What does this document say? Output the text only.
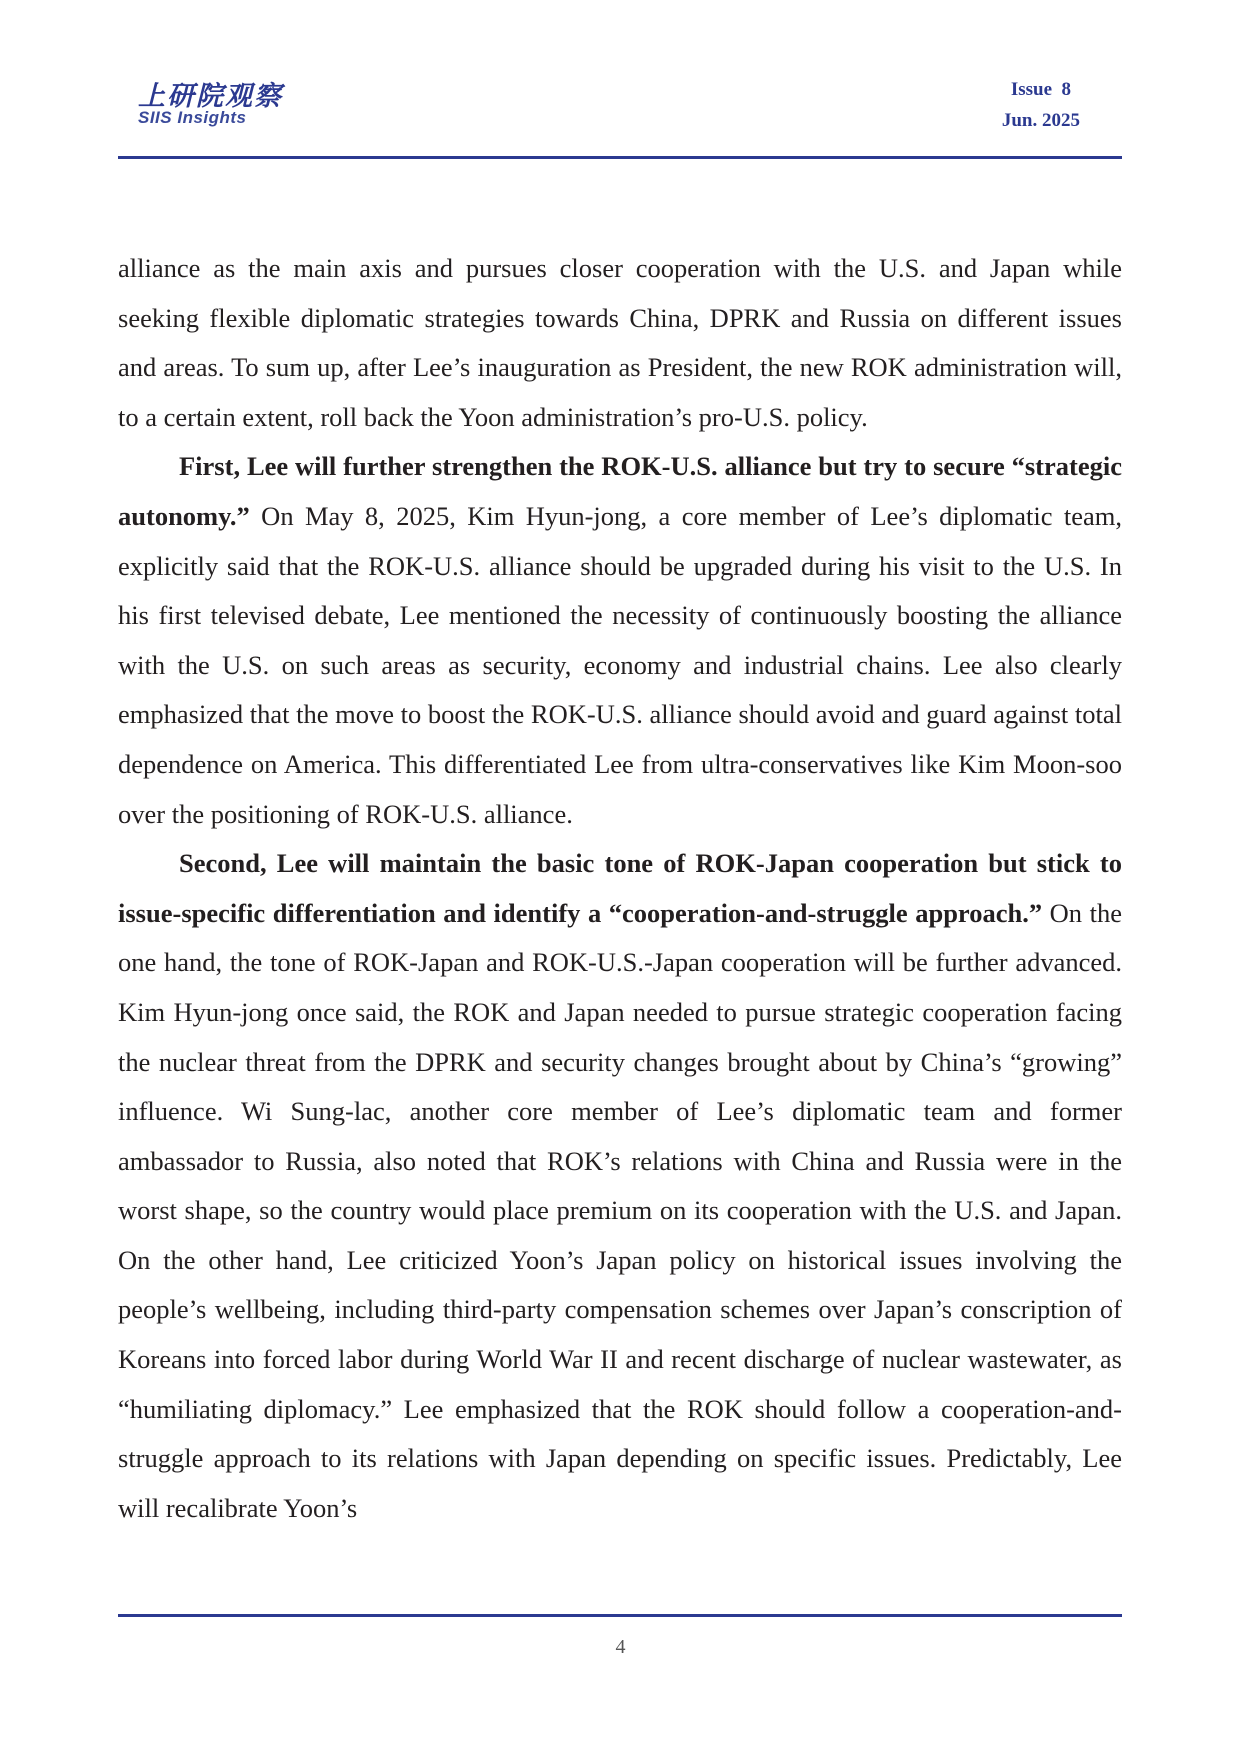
上研院观察
SIIS Insights
Issue  8
Jun. 2025

alliance as the main axis and pursues closer cooperation with the U.S. and Japan while seeking flexible diplomatic strategies towards China, DPRK and Russia on different issues and areas. To sum up, after Lee’s inauguration as President, the new ROK administration will, to a certain extent, roll back the Yoon administration’s pro-U.S. policy.

First, Lee will further strengthen the ROK-U.S. alliance but try to secure “strategic autonomy.” On May 8, 2025, Kim Hyun-jong, a core member of Lee’s diplomatic team, explicitly said that the ROK-U.S. alliance should be upgraded during his visit to the U.S. In his first televised debate, Lee mentioned the necessity of continuously boosting the alliance with the U.S. on such areas as security, economy and industrial chains. Lee also clearly emphasized that the move to boost the ROK-U.S. alliance should avoid and guard against total dependence on America. This differentiated Lee from ultra-conservatives like Kim Moon-soo over the positioning of ROK-U.S. alliance.

Second, Lee will maintain the basic tone of ROK-Japan cooperation but stick to issue-specific differentiation and identify a “cooperation-and-struggle approach.” On the one hand, the tone of ROK-Japan and ROK-U.S.-Japan cooperation will be further advanced. Kim Hyun-jong once said, the ROK and Japan needed to pursue strategic cooperation facing the nuclear threat from the DPRK and security changes brought about by China’s “growing” influence. Wi Sung-lac, another core member of Lee’s diplomatic team and former ambassador to Russia, also noted that ROK’s relations with China and Russia were in the worst shape, so the country would place premium on its cooperation with the U.S. and Japan. On the other hand, Lee criticized Yoon’s Japan policy on historical issues involving the people’s wellbeing, including third-party compensation schemes over Japan’s conscription of Koreans into forced labor during World War II and recent discharge of nuclear wastewater, as “humiliating diplomacy.” Lee emphasized that the ROK should follow a cooperation-and-struggle approach to its relations with Japan depending on specific issues. Predictably, Lee will recalibrate Yoon’s

4
